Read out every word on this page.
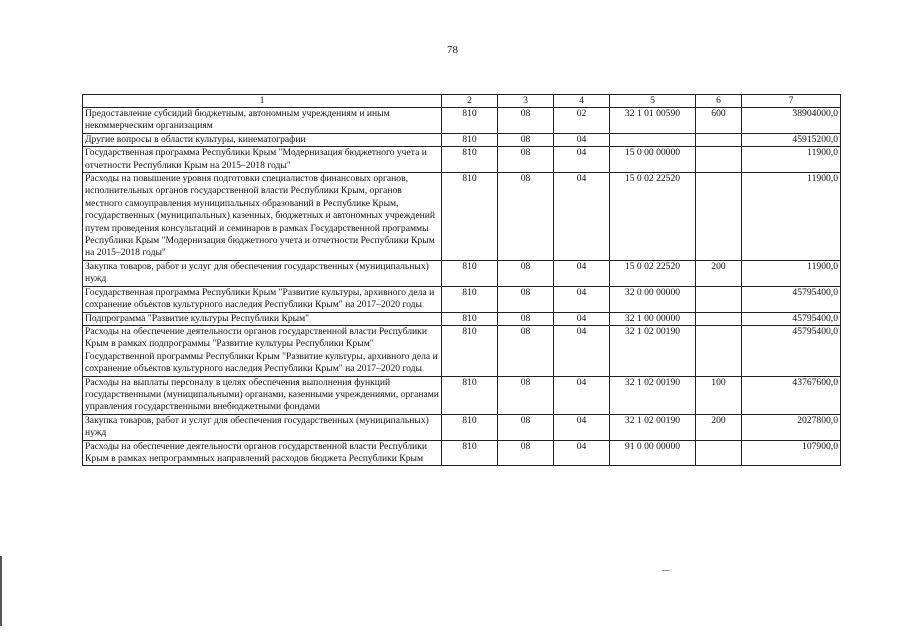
78
1	2	3	4	5	6	7
Предоставление субсидий бюджетным, автономным учреждениям и иным некоммерческим организациям	810	08	02	32 1 01 00590	600	38904000,0
Другие вопросы в области культуры, кинематографии	810	08	04			45915200,0
Государственная программа Республики Крым "Модернизация бюджетного учета и отчетности Республики Крым на 2015–2018 годы"	810	08	04	15 0 00 00000		11900,0
Расходы на повышение уровня подготовки специалистов финансовых органов, исполнительных органов государственной власти Республики Крым, органов местного самоуправления муниципальных образований в Республике Крым, государственных (муниципальных) казенных, бюджетных и автономных учреждений путем проведения консультаций и семинаров в рамках Государственной программы Республики Крым "Модернизация бюджетного учета и отчетности Республики Крым на 2015–2018 годы"	810	08	04	15 0 02 22520		11900,0
Закупка товаров, работ и услуг для обеспечения государственных (муниципальных) нужд	810	08	04	15 0 02 22520	200	11900,0
Государственная программа Республики Крым "Развитие культуры, архивного дела и сохранение объектов культурного наследия Республики Крым" на 2017–2020 годы	810	08	04	32 0 00 00000		45795400,0
Подпрограмма "Развитие культуры Республики Крым"	810	08	04	32 1 00 00000		45795400,0
Расходы на обеспечение деятельности органов государственной власти Республики Крым в рамках подпрограммы "Развитие культуры Республики Крым" Государственной программы Республики Крым "Развитие культуры, архивного дела и сохранение объектов культурного наследия Республики Крым" на 2017–2020 годы	810	08	04	32 1 02 00190		45795400,0
Расходы на выплаты персоналу в целях обеспечения выполнения функций государственными (муниципальными) органами, казенными учреждениями, органами управления государственными внебюджетными фондами	810	08	04	32 1 02 00190	100	43767600,0
Закупка товаров, работ и услуг для обеспечения государственных (муниципальных) нужд	810	08	04	32 1 02 00190	200	2027800,0
Расходы на обеспечение деятельности органов государственной власти Республики Крым в рамках непрограммных направлений расходов бюджета Республики Крым	810	08	04	91 0 00 00000		107900,0
